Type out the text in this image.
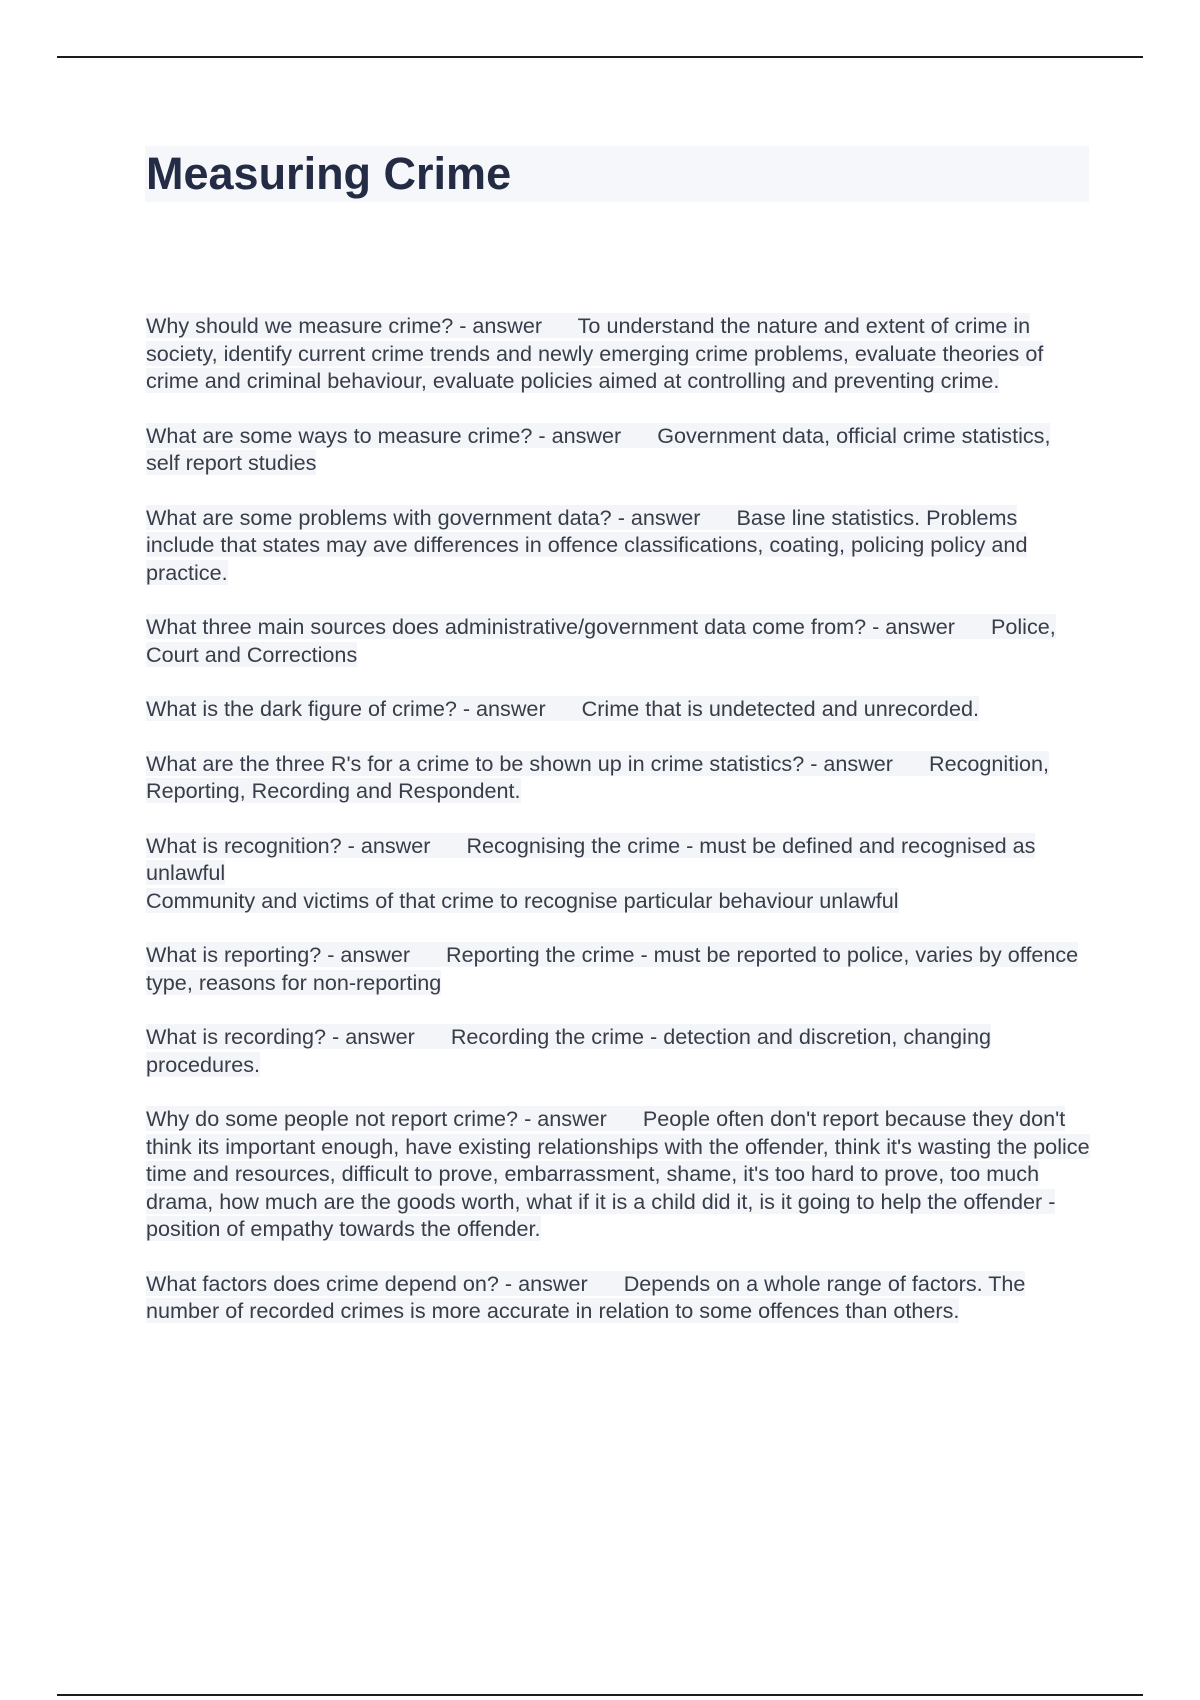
Measuring Crime

Why should we measure crime? - answer To understand the nature and extent of crime in society, identify current crime trends and newly emerging crime problems, evaluate theories of crime and criminal behaviour, evaluate policies aimed at controlling and preventing crime.

What are some ways to measure crime? - answer Government data, official crime statistics, self report studies

What are some problems with government data? - answer Base line statistics. Problems include that states may ave differences in offence classifications, coating, policing policy and practice.

What three main sources does administrative/government data come from? - answer Police, Court and Corrections

What is the dark figure of crime? - answer Crime that is undetected and unrecorded.

What are the three R's for a crime to be shown up in crime statistics? - answer Recognition, Reporting, Recording and Respondent.

What is recognition? - answer Recognising the crime - must be defined and recognised as unlawful
Community and victims of that crime to recognise particular behaviour unlawful

What is reporting? - answer Reporting the crime - must be reported to police, varies by offence type, reasons for non-reporting

What is recording? - answer Recording the crime - detection and discretion, changing procedures.

Why do some people not report crime? - answer People often don't report because they don't think its important enough, have existing relationships with the offender, think it's wasting the police time and resources, difficult to prove, embarrassment, shame, it's too hard to prove, too much drama, how much are the goods worth, what if it is a child did it, is it going to help the offender - position of empathy towards the offender.

What factors does crime depend on? - answer Depends on a whole range of factors. The number of recorded crimes is more accurate in relation to some offences than others.
